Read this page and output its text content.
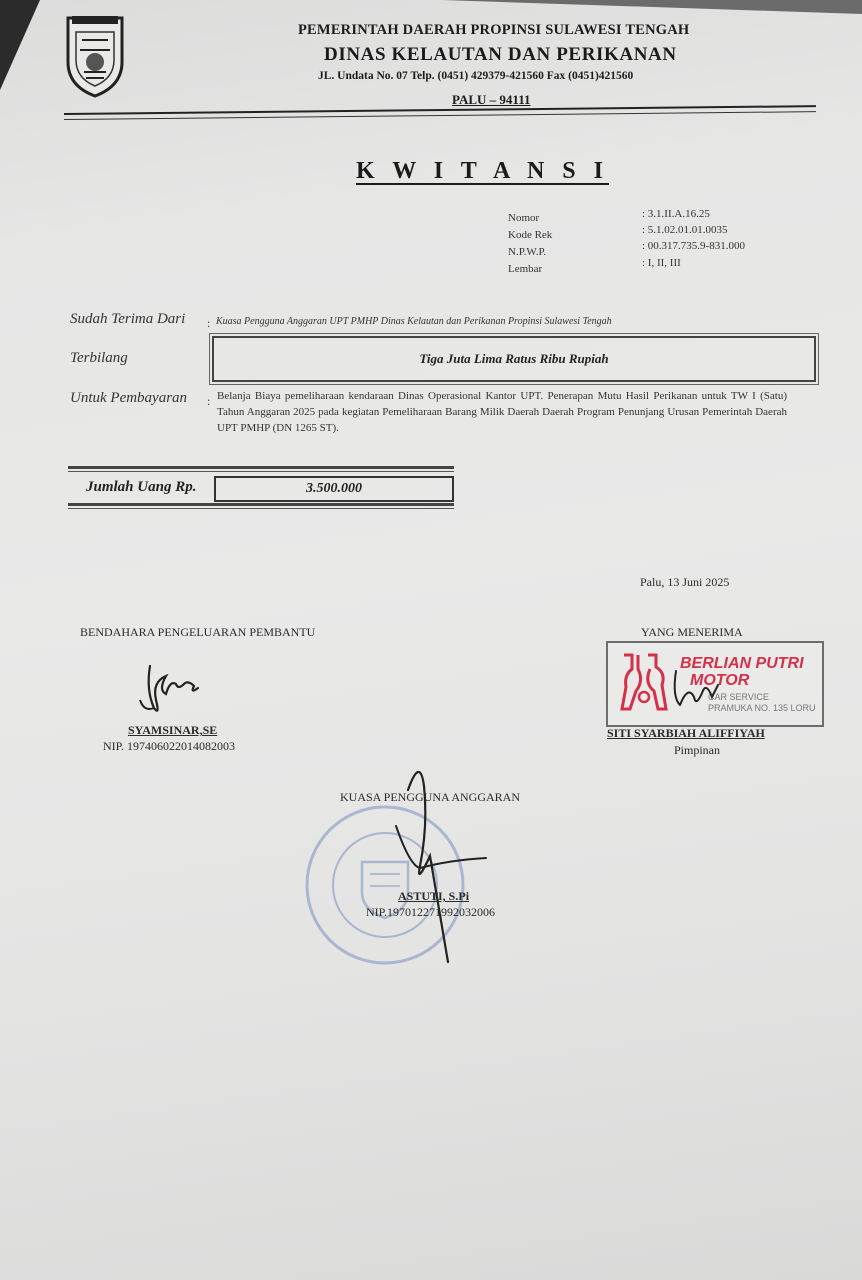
PEMERINTAH DAERAH PROPINSI SULAWESI TENGAH
DINAS KELAUTAN DAN PERIKANAN
JL. Undata No. 07 Telp. (0451) 429379-421560 Fax (0451)421560
PALU – 94111
K W I T A N S I
Nomor	: 3.1.II.A.16.25
Kode Rek	: 5.1.02.01.01.0035
N.P.W.P.	: 00.317.735.9-831.000
Lembar	: I, II, III
Sudah Terima Dari : Kuasa Pengguna Anggaran UPT PMHP Dinas Kelautan dan Perikanan Propinsi Sulawesi Tengah
Terbilang	Tiga Juta Lima Ratus Ribu Rupiah
Untuk Pembayaran : Belanja Biaya pemeliharaan kendaraan Dinas Operasional Kantor UPT. Penerapan Mutu Hasil Perikanan untuk TW I (Satu) Tahun Anggaran 2025 pada kegiatan Pemeliharaan Barang Milik Daerah Daerah Program Penunjang Urusan Pemerintah Daerah UPT PMHP (DN 1265 ST).
Jumlah Uang Rp.	3.500.000
Palu, 13 Juni 2025
BENDAHARA PENGELUARAN PEMBANTU
SYAMSINAR,SE
NIP. 197406022014082003
YANG MENERIMA
BERLIAN PUTRI
MOTOR
CAR SERVICE
PRAMUKA NO. 135 LORU
SITI SYARBIAH ALIFFIYAH
Pimpinan
KUASA PENGGUNA ANGGARAN
ASTUTI, S.Pi
NIP.197012271992032006
